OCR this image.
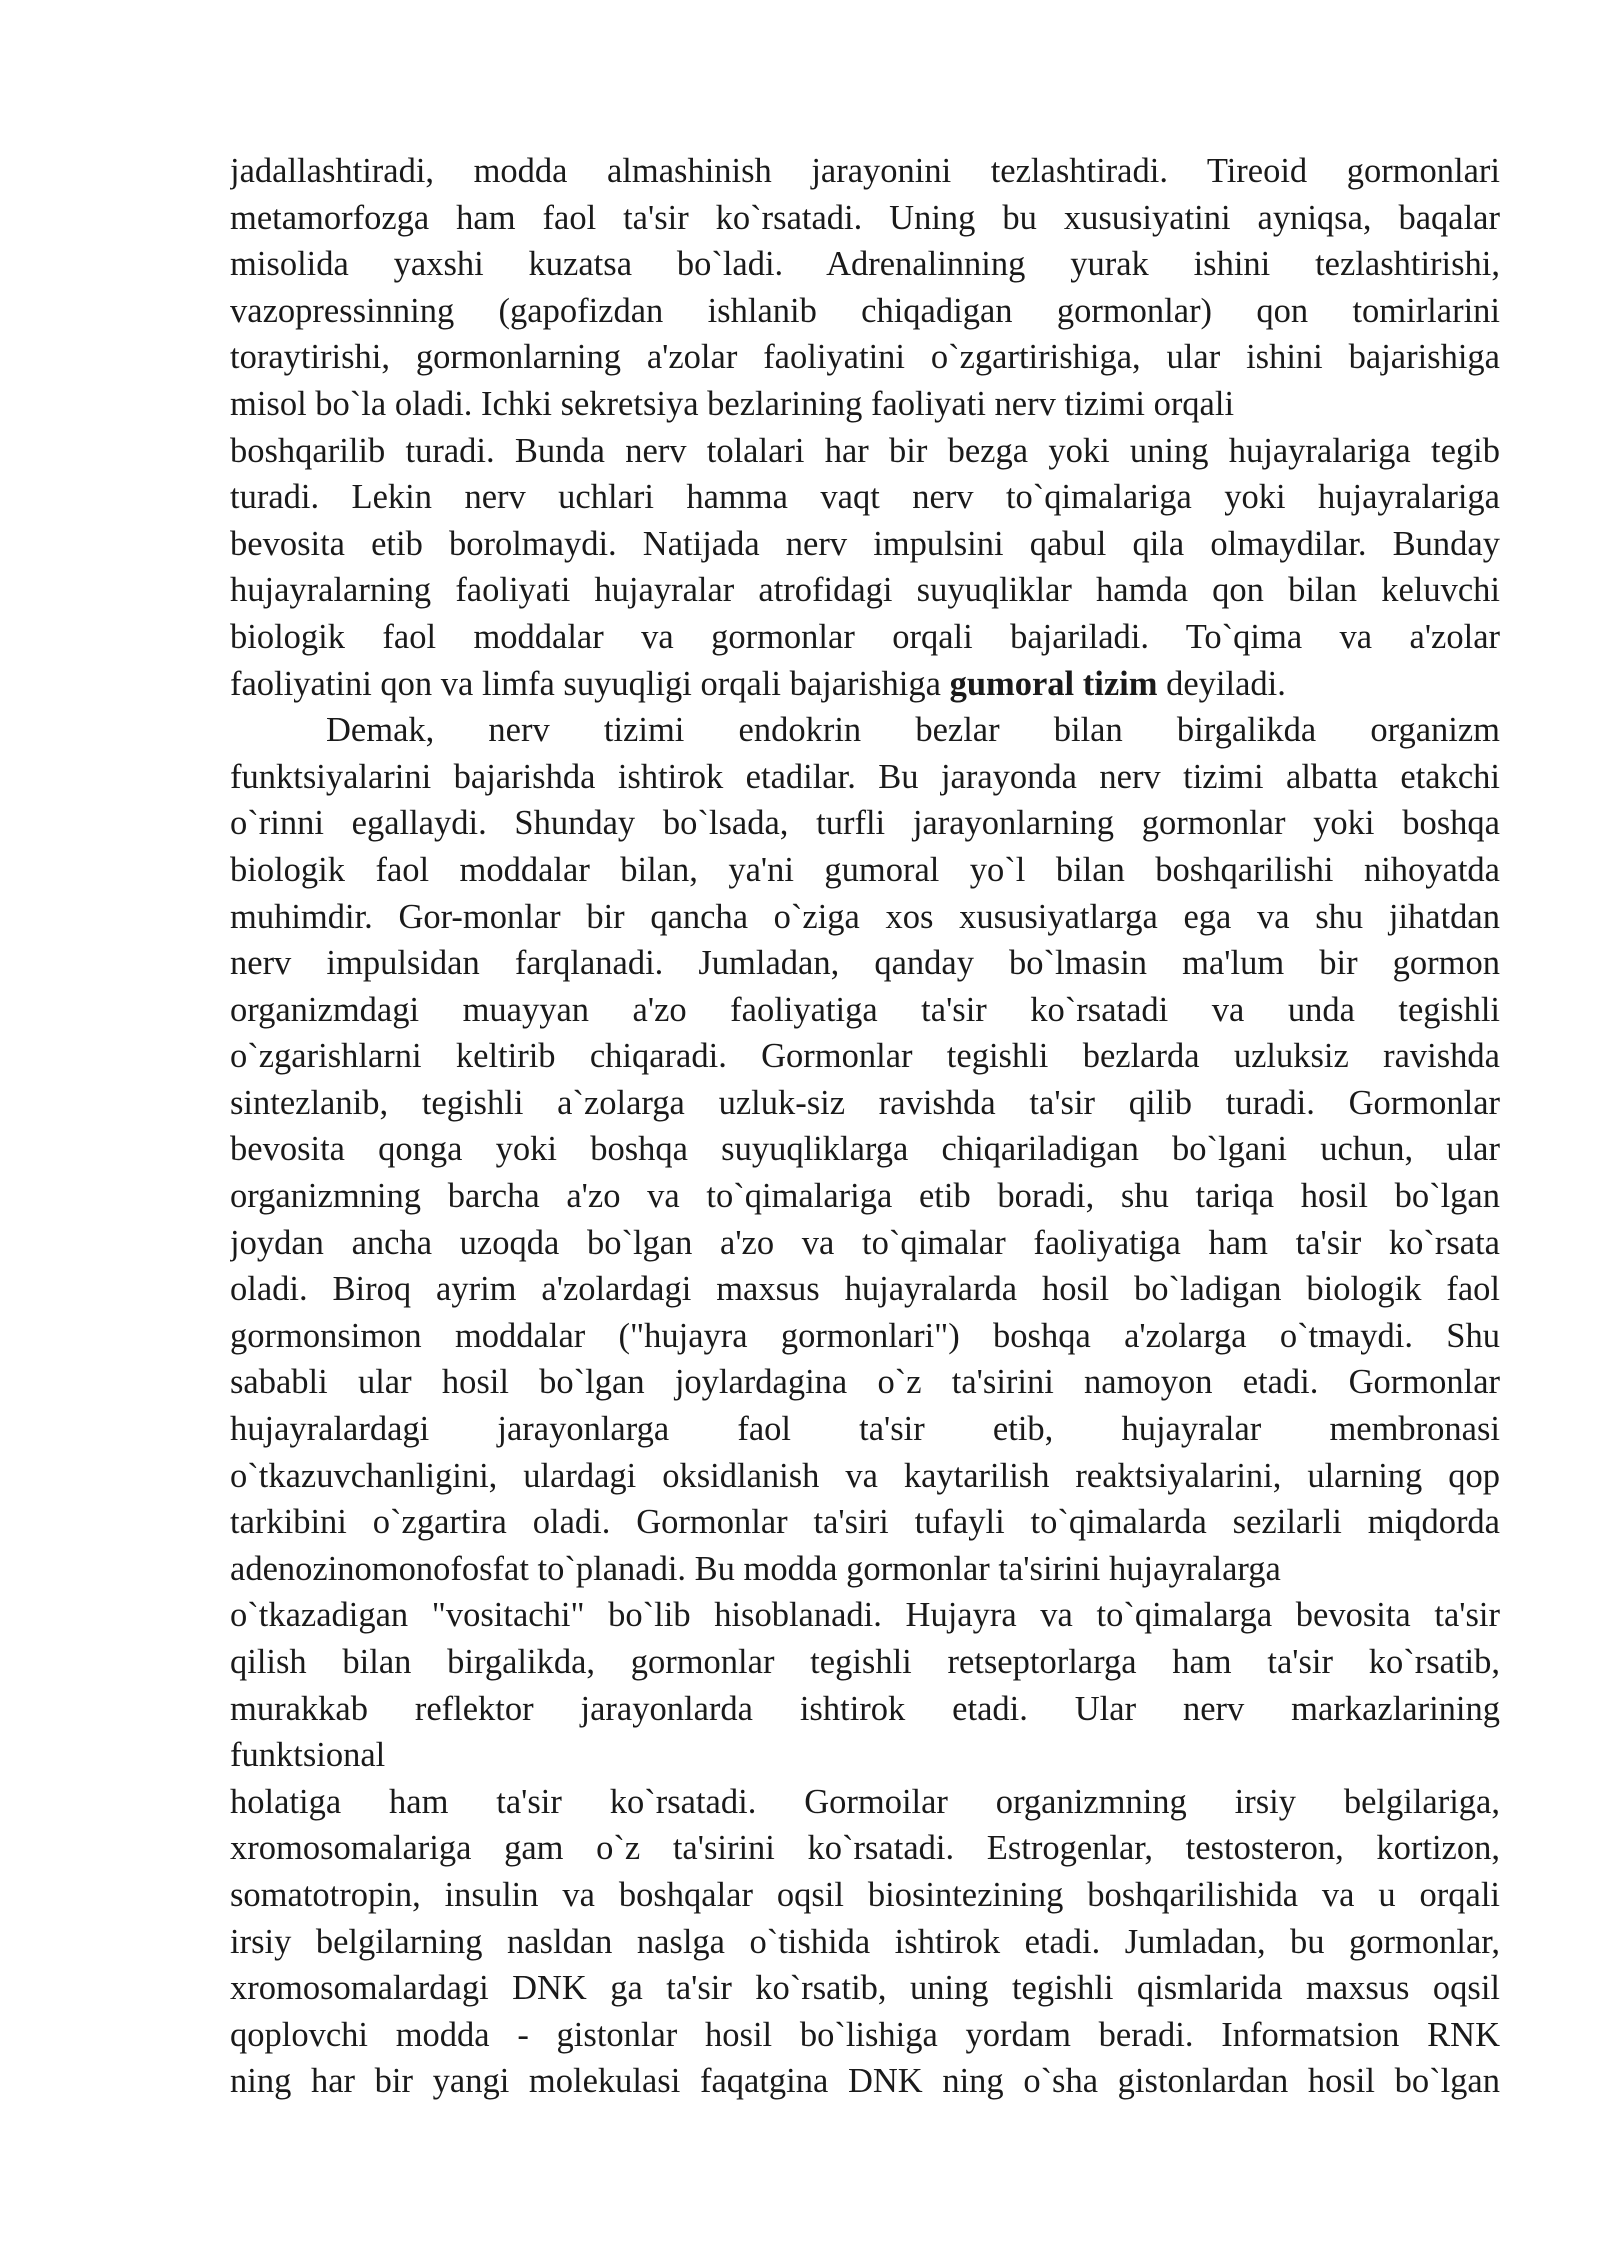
jadallashtiradi, modda almashinish jarayonini tezlashtiradi. Tireoid gormonlari
metamorfozga ham faol ta'sir ko`rsatadi. Uning bu xususiyatini ayniqsa, baqalar
misolida yaxshi kuzatsa bo`ladi. Adrenalinning yurak ishini tezlashtirishi,
vazopressinning (gapofizdan ishlanib chiqadigan gormonlar) qon tomirlarini
toraytirishi, gormonlarning a'zolar faoliyatini o`zgartirishiga, ular ishini bajarishiga
misol bo`la oladi. Ichki sekretsiya bezlarining faoliyati nerv tizimi orqali
boshqarilib turadi. Bunda nerv tolalari har bir bezga yoki uning hujayralariga tegib
turadi. Lekin nerv uchlari hamma vaqt nerv to`qimalariga yoki hujayralariga
bevosita etib borolmaydi. Natijada nerv impulsini qabul qila olmaydilar. Bunday
hujayralarning faoliyati hujayralar atrofidagi suyuqliklar hamda qon bilan keluvchi
biologik faol moddalar va gormonlar orqali bajariladi. To`qima va a'zolar
faoliyatini qon va limfa suyuqligi orqali bajarishiga gumoral tizim deyiladi.
Demak, nerv tizimi endokrin bezlar bilan birgalikda organizm
funktsiyalarini bajarishda ishtirok etadilar. Bu jarayonda nerv tizimi albatta etakchi
o`rinni egallaydi. Shunday bo`lsada, turfli jarayonlarning gormonlar yoki boshqa
biologik faol moddalar bilan, ya'ni gumoral yo`l bilan boshqarilishi nihoyatda
muhimdir. Gor-monlar bir qancha o`ziga xos xususiyatlarga ega va shu jihatdan
nerv impulsidan farqlanadi. Jumladan, qanday bo`lmasin ma'lum bir gormon
organizmdagi muayyan a'zo faoliyatiga ta'sir ko`rsatadi va unda tegishli
o`zgarishlarni keltirib chiqaradi. Gormonlar tegishli bezlarda uzluksiz ravishda
sintezlanib, tegishli a`zolarga uzluk-siz ravishda ta'sir qilib turadi. Gormonlar
bevosita qonga yoki boshqa suyuqliklarga chiqariladigan bo`lgani uchun, ular
organizmning barcha a'zo va to`qimalariga etib boradi, shu tariqa hosil bo`lgan
joydan ancha uzoqda bo`lgan a'zo va to`qimalar faoliyatiga ham ta'sir ko`rsata
oladi. Biroq ayrim a'zolardagi maxsus hujayralarda hosil bo`ladigan biologik faol
gormonsimon moddalar ("hujayra gormonlari") boshqa a'zolarga o`tmaydi. Shu
sababli ular hosil bo`lgan joylardagina o`z ta'sirini namoyon etadi. Gormonlar
hujayralardagi jarayonlarga faol ta'sir etib, hujayralar membronasi
o`tkazuvchanligini, ulardagi oksidlanish va kaytarilish reaktsiyalarini, ularning qop
tarkibini o`zgartira oladi. Gormonlar ta'siri tufayli to`qimalarda sezilarli miqdorda
adenozinomonofosfat to`planadi. Bu modda gormonlar ta'sirini hujayralarga
o`tkazadigan "vositachi" bo`lib hisoblanadi. Hujayra va to`qimalarga bevosita ta'sir
qilish bilan birgalikda, gormonlar tegishli retseptorlarga ham ta'sir ko`rsatib,
murakkab reflektor jarayonlarda ishtirok etadi. Ular nerv markazlarining
funktsional
holatiga ham ta'sir ko`rsatadi. Gormoilar organizmning irsiy belgilariga,
xromosomalariga gam o`z ta'sirini ko`rsatadi. Estrogenlar, testosteron, kortizon,
somatotropin, insulin va boshqalar oqsil biosintezining boshqarilishida va u orqali
irsiy belgilarning nasldan naslga o`tishida ishtirok etadi. Jumladan, bu gormonlar,
xromosomalardagi DNK ga ta'sir ko`rsatib, uning tegishli qismlarida maxsus oqsil
qoplovchi modda - gistonlar hosil bo`lishiga yordam beradi. Informatsion RNK
ning har bir yangi molekulasi faqatgina DNK ning o`sha gistonlardan hosil bo`lgan
